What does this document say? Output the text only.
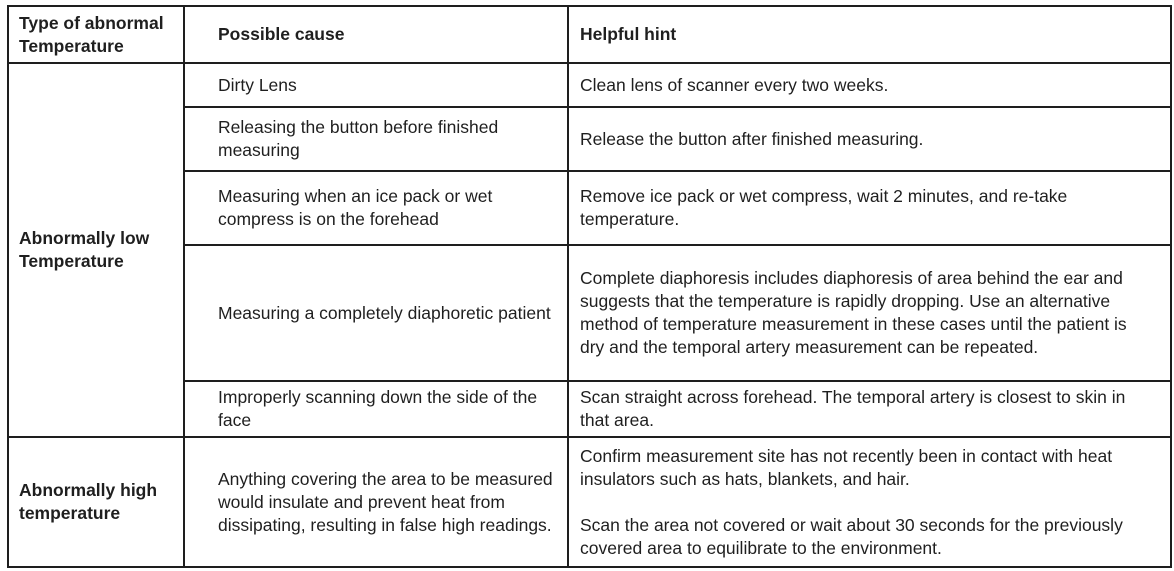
Type of abnormal Temperature	Possible cause	Helpful hint
Abnormally low Temperature	Dirty Lens	Clean lens of scanner every two weeks.
	Releasing the button before finished measuring	Release the button after finished measuring.
	Measuring when an ice pack or wet compress is on the forehead	Remove ice pack or wet compress, wait 2 minutes, and re-take temperature.
	Measuring a completely diaphoretic patient	Complete diaphoresis includes diaphoresis of area behind the ear and suggests that the temperature is rapidly dropping. Use an alternative method of temperature measurement in these cases until the patient is dry and the temporal artery measurement can be repeated.
	Improperly scanning down the side of the face	Scan straight across forehead. The temporal artery is closest to skin in that area.
Abnormally high temperature	Anything covering the area to be measured would insulate and prevent heat from dissipating, resulting in false high readings.	Confirm measurement site has not recently been in contact with heat insulators such as hats, blankets, and hair.
Scan the area not covered or wait about 30 seconds for the previously covered area to equilibrate to the environment.
